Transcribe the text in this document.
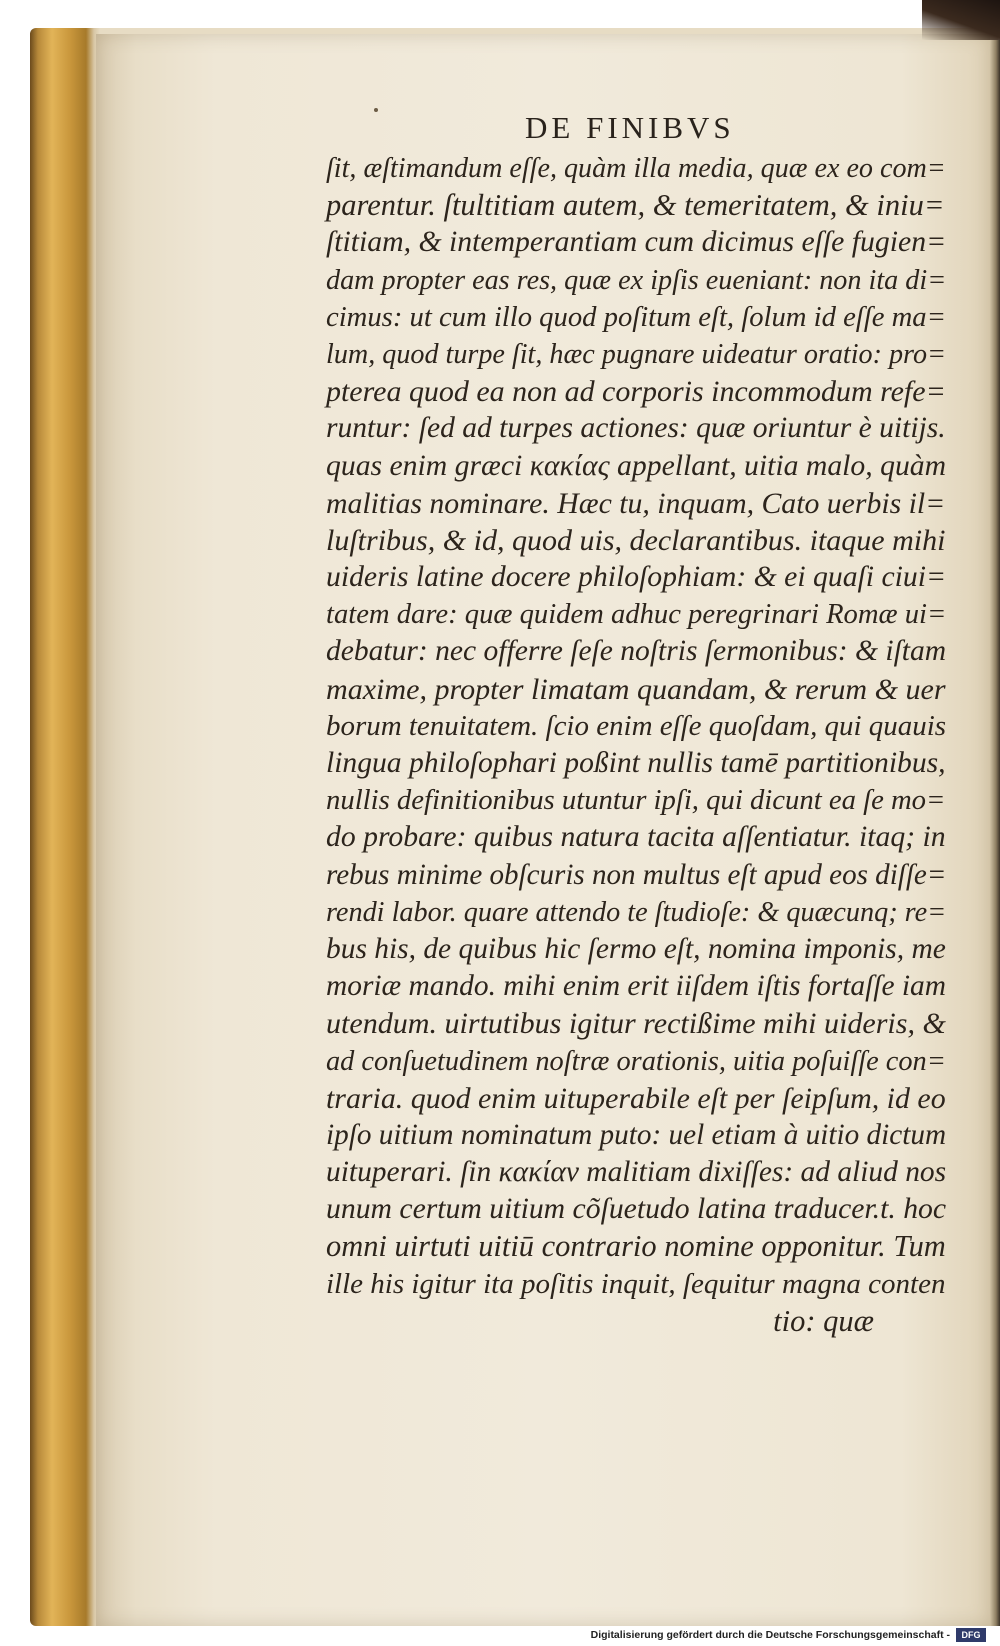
DE FINIBVS
ſit, æſtimandum eſſe, quàm illa media, quæ ex eo com=
parentur. ſtultitiam autem, & temeritatem, & iniu=
ſtitiam, & intemperantiam cum dicimus eſſe fugien=
dam propter eas res, quæ ex ipſis eueniant: non ita di=
cimus: ut cum illo quod poſitum eſt, ſolum id eſſe ma=
lum, quod turpe ſit, hæc pugnare uideatur oratio: pro=
pterea quod ea non ad corporis incommodum refe=
runtur: ſed ad turpes actiones: quæ oriuntur è uitijs.
quas enim græci κακίας appellant, uitia malo, quàm
malitias nominare. Hæc tu, inquam, Cato uerbis il=
luſtribus, & id, quod uis, declarantibus. itaque mihi
uideris latine docere philoſophiam: & ei quaſi ciui=
tatem dare: quæ quidem adhuc peregrinari Romæ ui=
debatur: nec offerre ſeſe noſtris ſermonibus: & iſtam
maxime, propter limatam quandam, & rerum & uer
borum tenuitatem. ſcio enim eſſe quoſdam, qui quauis
lingua philoſophari poßint nullis tamē partitionibus,
nullis definitionibus utuntur ipſi, qui dicunt ea ſe mo=
do probare: quibus natura tacita aſſentiatur. itaq; in
rebus minime obſcuris non multus eſt apud eos diſſe=
rendi labor. quare attendo te ſtudioſe: & quæcunq; re=
bus his, de quibus hic ſermo eſt, nomina imponis, me
moriæ mando. mihi enim erit iiſdem iſtis fortaſſe iam
utendum. uirtutibus igitur rectißime mihi uideris, &
ad conſuetudinem noſtræ orationis, uitia poſuiſſe con=
traria. quod enim uituperabile eſt per ſeipſum, id eo
ipſo uitium nominatum puto: uel etiam à uitio dictum
uituperari. ſin κακίαν malitiam dixiſſes: ad aliud nos
unum certum uitium cõſuetudo latina traducer.t. hoc
omni uirtuti uitiū contrario nomine opponitur. Tum
ille his igitur ita poſitis inquit, ſequitur magna conten
tio: quæ
Digitalisierung gefördert durch die Deutsche Forschungsgemeinschaft -	DFG
